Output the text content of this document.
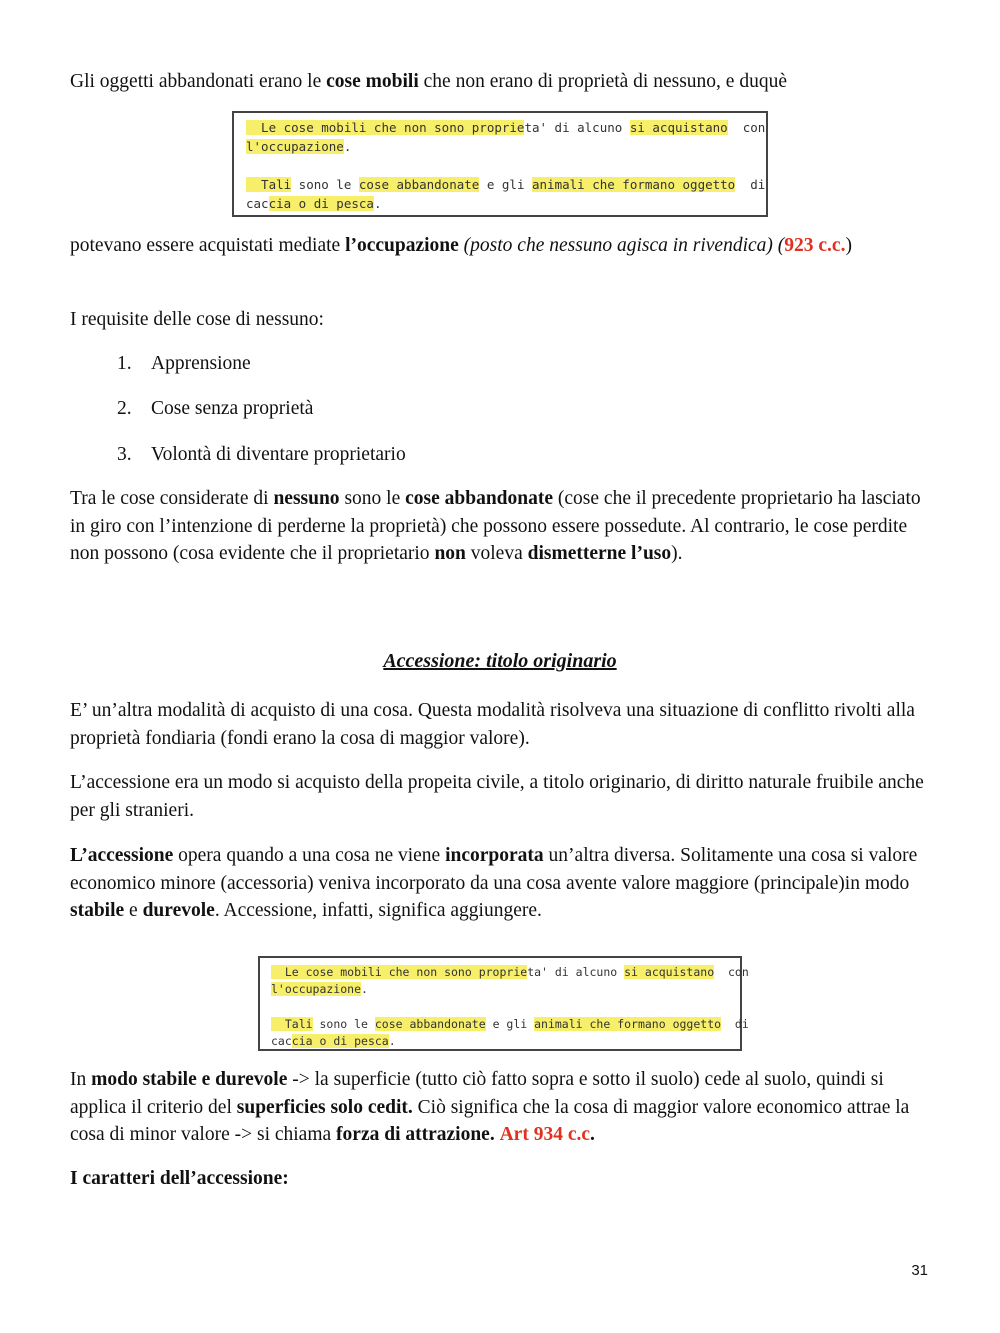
Gli oggetti abbandonati erano le cose mobili che non erano di proprietà di nessuno, e duquè

Le cose mobili che non sono proprieta' di alcuno si acquistano  con
l'occupazione.
Tali sono le cose abbandonate e gli animali che formano oggetto  di
caccia o di pesca.

potevano essere acquistati mediate l’occupazione (posto che nessuno agisca in rivendica) (923 c.c.)

I requisite delle cose di nessuno:

1. Apprensione
2. Cose senza proprietà
3. Volontà di diventare proprietario

Tra le cose considerate di nessuno sono le cose abbandonate (cose che il precedente proprietario ha lasciato in giro con l’intenzione di perderne la proprietà) che possono essere possedute. Al contrario, le cose perdite non possono (cosa evidente che il proprietario non voleva dismetterne l’uso).

Accessione: titolo originario

E’ un’altra modalità di acquisto di una cosa. Questa modalità risolveva una situazione di conflitto rivolti alla proprietà fondiaria (fondi erano la cosa di maggior valore).

L’accessione era un modo si acquisto della propeita civile, a titolo originario, di diritto naturale fruibile anche per gli stranieri.

L’accessione opera quando a una cosa ne viene incorporata un’altra diversa. Solitamente una cosa si valore economico minore (accessoria) veniva incorporato da una cosa avente valore maggiore (principale)in modo stabile e durevole. Accessione, infatti, significa aggiungere.

Le cose mobili che non sono proprieta' di alcuno si acquistano  con
l'occupazione.
Tali sono le cose abbandonate e gli animali che formano oggetto  di
caccia o di pesca.

In modo stabile e durevole -> la superficie (tutto ciò fatto sopra e sotto il suolo) cede al suolo, quindi si applica il criterio del superficies solo cedit. Ciò significa che la cosa di maggior valore economico attrae la cosa di minor valore -> si chiama forza di attrazione. Art 934 c.c.

I caratteri dell’accessione:

31
